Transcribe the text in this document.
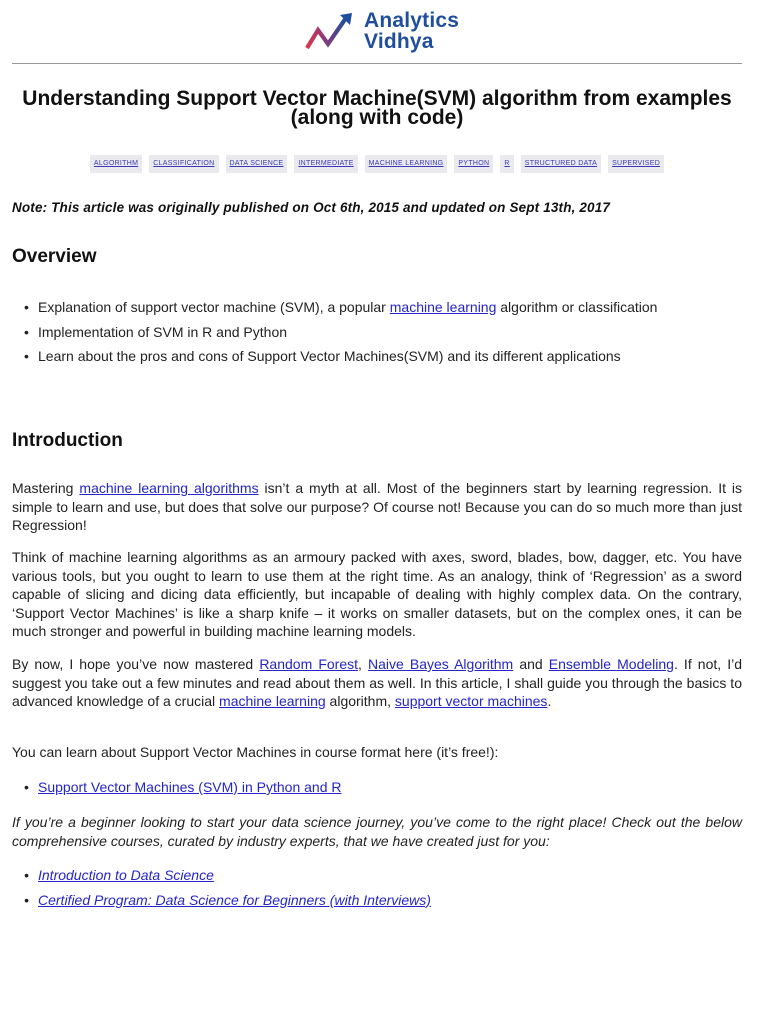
Analytics
Vidhya
Understanding Support Vector Machine(SVM) algorithm from examples (along with code)
ALGORITHM	CLASSIFICATION	DATA SCIENCE	INTERMEDIATE	MACHINE LEARNING	PYTHON	R	STRUCTURED DATA	SUPERVISED
Note: This article was originally published on Oct 6th, 2015 and updated on Sept 13th, 2017
Overview
• Explanation of support vector machine (SVM), a popular machine learning algorithm or classification
• Implementation of SVM in R and Python
• Learn about the pros and cons of Support Vector Machines(SVM) and its different applications
Introduction

Mastering machine learning algorithms isn’t a myth at all. Most of the beginners start by learning regression. It is simple to learn and use, but does that solve our purpose? Of course not! Because you can do so much more than just Regression!

Think of machine learning algorithms as an armoury packed with axes, sword, blades, bow, dagger, etc. You have various tools, but you ought to learn to use them at the right time. As an analogy, think of ‘Regression’ as a sword capable of slicing and dicing data efficiently, but incapable of dealing with highly complex data. On the contrary, ‘Support Vector Machines’ is like a sharp knife – it works on smaller datasets, but on the complex ones, it can be much stronger and powerful in building machine learning models.

By now, I hope you’ve now mastered Random Forest, Naive Bayes Algorithm and Ensemble Modeling. If not, I’d suggest you take out a few minutes and read about them as well. In this article, I shall guide you through the basics to advanced knowledge of a crucial machine learning algorithm, support vector machines.

You can learn about Support Vector Machines in course format here (it’s free!):

• Support Vector Machines (SVM) in Python and R

If you’re a beginner looking to start your data science journey, you’ve come to the right place! Check out the below comprehensive courses, curated by industry experts, that we have created just for you:

• Introduction to Data Science
• Certified Program: Data Science for Beginners (with Interviews)
